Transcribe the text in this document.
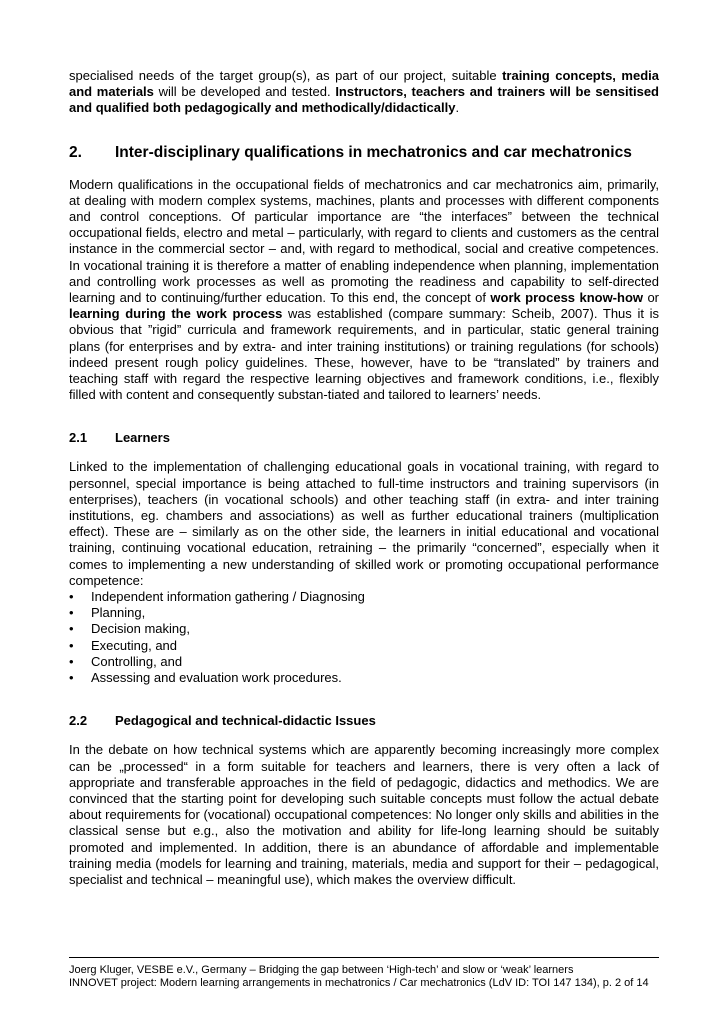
specialised needs of the target group(s), as part of our project, suitable training concepts, media and materials will be developed and tested. Instructors, teachers and trainers will be sensitised and qualified both pedagogically and methodically/didactically.

2.	Inter-disciplinary qualifications in mechatronics and car mechatronics

Modern qualifications in the occupational fields of mechatronics and car mechatronics aim, primarily, at dealing with modern complex systems, machines, plants and processes with different components and control conceptions. Of particular importance are “the interfaces” between the technical occupational fields, electro and metal – particularly, with regard to clients and customers as the central instance in the commercial sector – and, with regard to methodical, social and creative competences. In vocational training it is therefore a matter of enabling independence when planning, implementation and controlling work processes as well as promoting the readiness and capability to self-directed learning and to continuing/further education. To this end, the concept of work process know-how or learning during the work process was established (compare summary: Scheib, 2007). Thus it is obvious that ”rigid” curricula and framework requirements, and in particular, static general training plans (for enterprises and by extra- and inter training institutions) or training regulations (for schools) indeed present rough policy guidelines. These, however, have to be “translated” by trainers and teaching staff with regard the respective learning objectives and framework conditions, i.e., flexibly filled with content and consequently substan-tiated and tailored to learners’ needs.

2.1	Learners

Linked to the implementation of challenging educational goals in vocational training, with regard to personnel, special importance is being attached to full-time instructors and training supervisors (in enterprises), teachers (in vocational schools) and other teaching staff (in extra- and inter training institutions, eg. chambers and associations) as well as further educational trainers (multiplication effect). These are – similarly as on the other side, the learners in initial educational and vocational training, continuing vocational education, retraining – the primarily “concerned”, especially when it comes to implementing a new understanding of skilled work or promoting occupational performance competence:

•	Independent information gathering / Diagnosing
•	Planning,
•	Decision making,
•	Executing, and
•	Controlling, and
•	Assessing and evaluation work procedures.
2.2	Pedagogical and technical-didactic Issues

In the debate on how technical systems which are apparently becoming increasingly more complex can be „processed“ in a form suitable for teachers and learners, there is very often a lack of appropriate and transferable approaches in the field of pedagogic, didactics and methodics. We are convinced that the starting point for developing such suitable concepts must follow the actual debate about requirements for (vocational) occupational competences: No longer only skills and abilities in the classical sense but e.g., also the motivation and ability for life-long learning should be suitably promoted and implemented. In addition, there is an abundance of affordable and implementable training media (models for learning and training, materials, media and support for their – pedagogical, specialist and technical – meaningful use), which makes the overview difficult.

Joerg Kluger, VESBE e.V., Germany – Bridging the gap between ‘High-tech’ and slow or ‘weak’ learners
INNOVET project: Modern learning arrangements in mechatronics / Car mechatronics (LdV ID: TOI 147 134), p. 2 of 14
